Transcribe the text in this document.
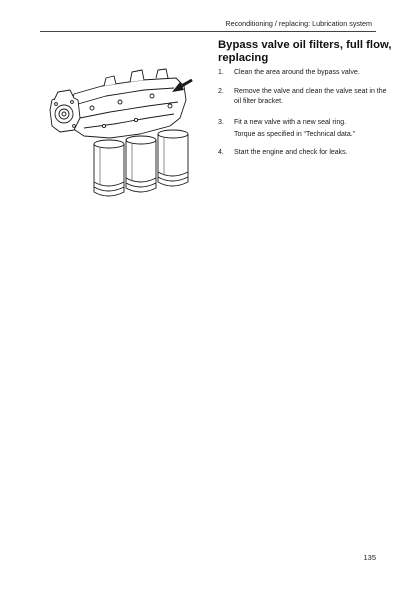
Reconditioning / replacing: Lubrication system
Bypass valve oil filters, full flow, replacing
1.	Clean the area around the bypass valve.

2.	Remove the valve and clean the valve seat in the oil filter bracket.

3.	Fit a new valve with a new seal ring.

Torque as specified in “Technical data.”

4.	Start the engine and check for leaks.

135
